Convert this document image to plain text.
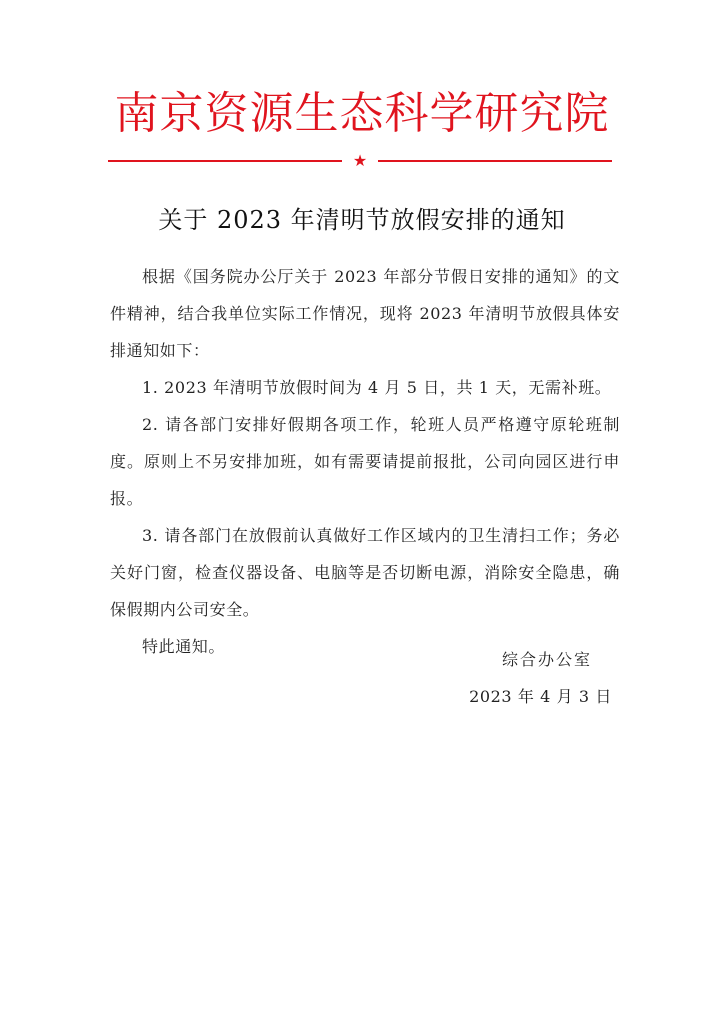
南京资源生态科学研究院
★
关于 2023 年清明节放假安排的通知

根据《国务院办公厅关于 2023 年部分节假日安排的通知》的文件精神，结合我单位实际工作情况，现将 2023 年清明节放假具体安排通知如下：

1. 2023 年清明节放假时间为 4 月 5 日，共 1 天，无需补班。

2. 请各部门安排好假期各项工作，轮班人员严格遵守原轮班制度。原则上不另安排加班，如有需要请提前报批，公司向园区进行申报。

3. 请各部门在放假前认真做好工作区域内的卫生清扫工作；务必关好门窗，检查仪器设备、电脑等是否切断电源，消除安全隐患，确保假期内公司安全。

特此通知。

综合办公室
2023 年 4 月 3 日
